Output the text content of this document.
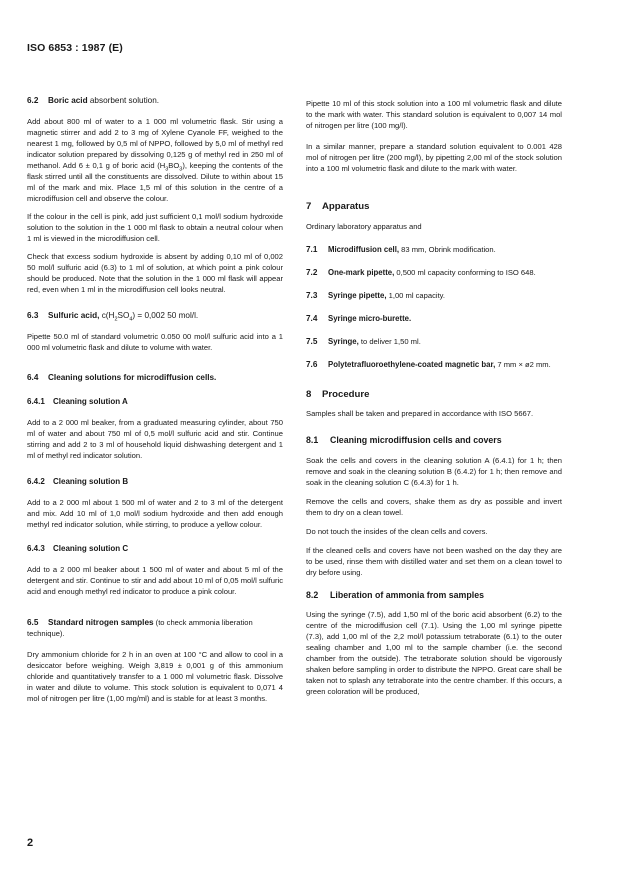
ISO 6853 : 1987 (E)
6.2 Boric acid absorbent solution.

Add about 800 ml of water to a 1 000 ml volumetric flask. Stir using a magnetic stirrer and add 2 to 3 mg of Xylene Cyanole FF, weighed to the nearest 1 mg, followed by 0,5 ml of NPPO, followed by 5,0 ml of methyl red indicator solution prepared by dissolving 0,125 g of methyl red in 250 ml of methanol. Add 6 ± 0,1 g of boric acid $(H_3BO_3)$, keeping the contents of the flask stirred until all the constituents are dissolved. Dilute to within about 15 ml of the mark and mix. Place 1,5 ml of this solution in the centre of a microdiffusion cell and observe the colour.

If the colour in the cell is pink, add just sufficient 0,1 mol/l sodium hydroxide solution to the solution in the 1 000 ml flask to obtain a neutral colour when 1 ml is viewed in the microdiffusion cell.

Check that excess sodium hydroxide is absent by adding 0,10 ml of 0,002 50 mol/l sulfuric acid (6.3) to 1 ml of solution, at which point a pink colour should be produced. Note that the solution in the 1 000 ml flask will appear red, even when 1 ml in the microdiffusion cell looks neutral.

6.3 Sulfuric acid, $c(H_2SO_4) = 0,002$ 50 mol/l.

Pipette 50.0 ml of standard volumetric 0.050 00 mol/l sulfuric acid into a 1 000 ml volumetric flask and dilute to volume with water.

6.4 Cleaning solutions for microdiffusion cells.
6.4.1 Cleaning solution A

Add to a 2 000 ml beaker, from a graduated measuring cylinder, about 750 ml of water and about 750 ml of 0,5 mol/l sulfuric acid and stir. Continue stirring and add 2 to 3 ml of household liquid dishwashing detergent and 1 ml of methyl red indicator solution.

6.4.2 Cleaning solution B

Add to a 2 000 ml about 1 500 ml of water and 2 to 3 ml of the detergent and mix. Add 10 ml of 1,0 mol/l sodium hydroxide and then add enough methyl red indicator solution, while stirring, to produce a yellow colour.

6.4.3 Cleaning solution C

Add to a 2 000 ml beaker about 1 500 ml of water and about 5 ml of the detergent and stir. Continue to stir and add about 10 ml of 0,05 mol/l sulfuric acid and enough methyl red indicator to produce a pink colour.

6.5 Standard nitrogen samples (to check ammonia liberation technique).

Dry ammonium chloride for 2 h in an oven at 100 °C and allow to cool in a desiccator before weighing. Weigh 3,819 ± 0,001 g of this ammonium chloride and quantitatively transfer to a 1 000 ml volumetric flask. Dissolve in water and dilute to volume. This stock solution is equivalent to 0,071 4 mol of nitrogen per litre (1,00 mg/ml) and is stable for at least 3 months.

Pipette 10 ml of this stock solution into a 100 ml volumetric flask and dilute to the mark with water. This standard solution is equivalent to 0,007 14 mol of nitrogen per litre (100 mg/l).

In a similar manner, prepare a standard solution equivalent to 0.001 428 mol of nitrogen per litre (200 mg/l), by pipetting 2,00 ml of the stock solution into a 100 ml volumetric flask and dilute to the mark with water.

7 Apparatus

Ordinary laboratory apparatus and

7.1 Microdiffusion cell, 83 mm, Obrink modification.

7.2 One-mark pipette, 0,500 ml capacity conforming to ISO 648.

7.3 Syringe pipette, 1,00 ml capacity.

7.4 Syringe micro-burette.

7.5 Syringe, to deliver 1,50 ml.

7.6 Polytetrafluoroethylene-coated magnetic bar, 7 mm × ø2 mm.

8 Procedure

Samples shall be taken and prepared in accordance with ISO 5667.

8.1 Cleaning microdiffusion cells and covers

Soak the cells and covers in the cleaning solution A (6.4.1) for 1 h; then remove and soak in the cleaning solution B (6.4.2) for 1 h; then remove and soak in the cleaning solution C (6.4.3) for 1 h.

Remove the cells and covers, shake them as dry as possible and invert them to dry on a clean towel.

Do not touch the insides of the clean cells and covers.

If the cleaned cells and covers have not been washed on the day they are to be used, rinse them with distilled water and set them on a clean towel to dry before using.

8.2 Liberation of ammonia from samples

Using the syringe (7.5), add 1,50 ml of the boric acid absorbent (6.2) to the centre of the microdiffusion cell (7.1). Using the 1,00 ml syringe pipette (7.3), add 1,00 ml of the 2,2 mol/l potassium tetraborate (6.1) to the outer sealing chamber and 1,00 ml to the sample chamber (i.e. the second chamber from the outside). The tetraborate solution should be vigorously shaken before sampling in order to distribute the NPPO. Great care shall be taken not to splash any tetraborate into the centre chamber. If this occurs, a green coloration will be produced,

2
